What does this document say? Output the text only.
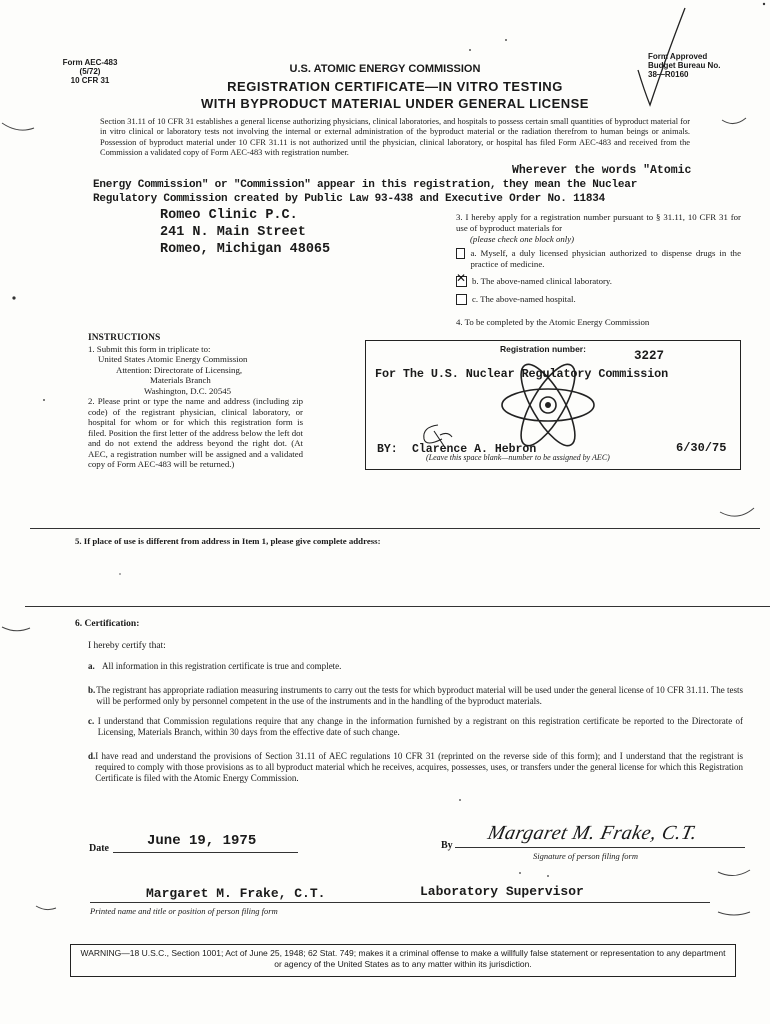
Form AEC-483
(5/72)
10 CFR 31
U.S. ATOMIC ENERGY COMMISSION
REGISTRATION CERTIFICATE—IN VITRO TESTING
WITH BYPRODUCT MATERIAL UNDER GENERAL LICENSE
Form Approved
Budget Bureau No.
38—R0160
Section 31.11 of 10 CFR 31 establishes a general license authorizing physicians, clinical laboratories, and hospitals to possess certain small quantities of byproduct material for in vitro clinical or laboratory tests not involving the internal or external administration of the byproduct material or the radiation therefrom to human beings or animals. Possession of byproduct material under 10 CFR 31.11 is not authorized until the physician, clinical laboratory, or hospital has filed Form AEC-483 and received from the Commission a validated copy of Form AEC-483 with registration number.
Wherever the words "Atomic
Energy Commission" or "Commission" appear in this registration, they mean the Nuclear
Regulatory Commission created by Public Law 93-438 and Executive Order No. 11834
Romeo Clinic P.C.
241 N. Main Street
Romeo, Michigan 48065
3. I hereby apply for a registration number pursuant to § 31.11, 10 CFR 31 for use of byproduct materials for
(please check one block only)
a. Myself, a duly licensed physician authorized to dispense drugs in the practice of medicine.
✕
b. The above-named clinical laboratory.
c. The above-named hospital.
4. To be completed by the Atomic Energy Commission
INSTRUCTIONS
1. Submit this form in triplicate to:
United States Atomic Energy Commission
Attention: Directorate of Licensing,
Materials Branch
Washington, D.C. 20545
2. Please print or type the name and address (including zip code) of the registrant physician, clinical laboratory, or hospital for whom or for which this registration form is filed. Position the first letter of the address below the left dot and do not extend the address beyond the right dot. (At AEC, a registration number will be assigned and a validated copy of Form AEC-483 will be returned.)
Registration number:	3227
For The U.S. Nuclear Regulatory Commission
BY: Clarence A. Hebron	6/30/75
(Leave this space blank—number to be assigned by AEC)
5. If place of use is different from address in Item 1, please give complete address:
6. Certification:
I hereby certify that:
a. All information in this registration certificate is true and complete.
b. The registrant has appropriate radiation measuring instruments to carry out the tests for which byproduct material will be used under the general license of 10 CFR 31.11. The tests will be performed only by personnel competent in the use of the instruments and in the handling of the byproduct materials.
c. I understand that Commission regulations require that any change in the information furnished by a registrant on this registration certificate be reported to the Directorate of Licensing, Materials Branch, within 30 days from the effective date of such change.
d. I have read and understand the provisions of Section 31.11 of AEC regulations 10 CFR 31 (reprinted on the reverse side of this form); and I understand that the registrant is required to comply with those provisions as to all byproduct material which he receives, acquires, possesses, uses, or transfers under the general license for which this Registration Certificate is filed with the Atomic Energy Commission.
Date	June 19, 1975	By
Margaret M. Frake, C.T.
Signature of person filing form
Margaret M. Frake, C.T.	Laboratory Supervisor
Printed name and title or position of person filing form
WARNING—18 U.S.C., Section 1001; Act of June 25, 1948; 62 Stat. 749; makes it a criminal offense to make a willfully false statement or representation to any department or agency of the United States as to any matter within its jurisdiction.
